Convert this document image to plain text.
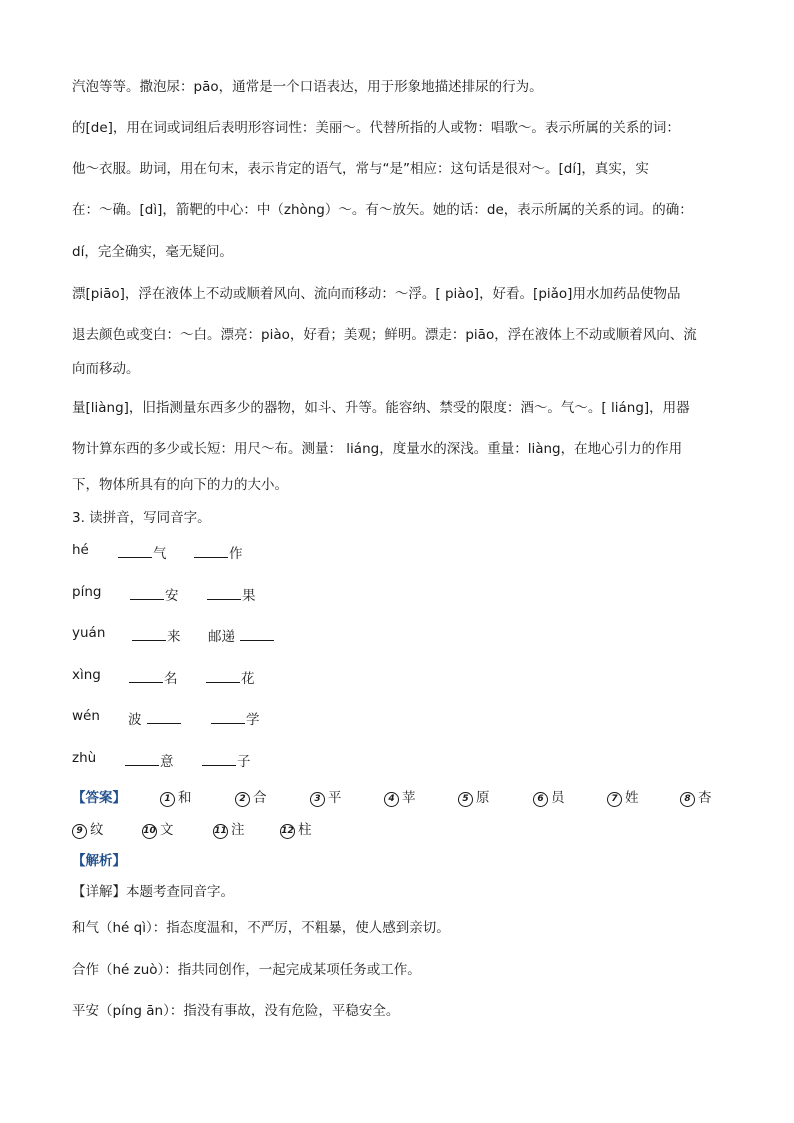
汽泡等等。撒泡尿：pāo，通常是一个口语表达，用于形象地描述排尿的行为。
的[de]，用在词或词组后表明形容词性：美丽～。代替所指的人或物：唱歌～。表示所属的关系的词：
他～衣服。助词，用在句末，表示肯定的语气，常与“是”相应：这句话是很对～。[dí]，真实，实
在：～确。[dì]，箭靶的中心：中（zhòng）～。有～放矢。她的话：de，表示所属的关系的词。的确：
dí，完全确实，毫无疑问。
漂[piāo]，浮在液体上不动或顺着风向、流向而移动：～浮。[ piào]，好看。[piǎo]用水加药品使物品
退去颜色或变白：～白。漂亮：piào，好看；美观；鲜明。漂走：piāo，浮在液体上不动或顺着风向、流
向而移动。
量[liàng]，旧指测量东西多少的器物，如斗、升等。能容纳、禁受的限度：酒～。气～。[ liáng]，用器
物计算东西的多少或长短：用尺～布。测量： liáng，度量水的深浅。重量：liàng，在地心引力的作用
下，物体所具有的向下的力的大小。
3. 读拼音，写同音字。
hé	气	作
píng	安	果
yuán	来 邮递
xìng	名	花
wén 波	学
zhù	意	子
【答案】	1 和	2 合	3 平	4 苹	5 原	6 员	7 姓	8 杏
9 纹	10 文	11 注	12 柱
【解析】
【详解】本题考查同音字。
和气（hé qì）：指态度温和，不严厉，不粗暴，使人感到亲切。
合作（hé zuò）：指共同创作，一起完成某项任务或工作。
平安（píng ān）：指没有事故，没有危险，平稳安全。
